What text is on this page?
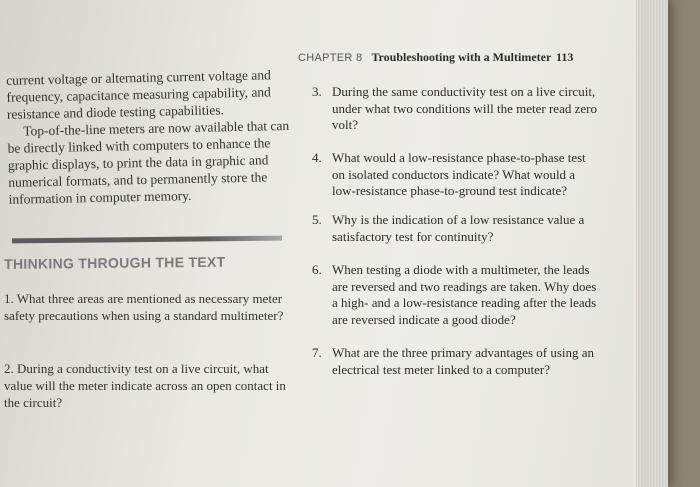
CHAPTER 8 Troubleshooting with a Multimeter 113

current voltage or alternating current voltage and frequency, capacitance measuring capability, and resistance and diode testing capabilities.

Top-of-the-line meters are now available that can be directly linked with computers to enhance the graphic displays, to print the data in graphic and numerical formats, and to permanently store the information in computer memory.

THINKING THROUGH THE TEXT
1. What three areas are mentioned as necessary meter safety precautions when using a standard multimeter?
2. During a conductivity test on a live circuit, what value will the meter indicate across an open contact in the circuit?
3. During the same conductivity test on a live circuit, under what two conditions will the meter read zero volt?
4. What would a low-resistance phase-to-phase test on isolated conductors indicate? What would a low-resistance phase-to-ground test indicate?
5. Why is the indication of a low resistance value a satisfactory test for continuity?
6. When testing a diode with a multimeter, the leads are reversed and two readings are taken. Why does a high- and a low-resistance reading after the leads are reversed indicate a good diode?
7. What are the three primary advantages of using an electrical test meter linked to a computer?
